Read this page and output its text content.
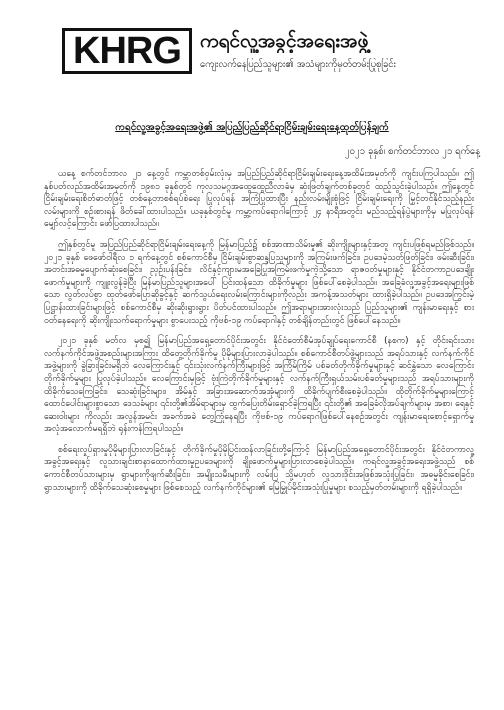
KHRG ကရင်လူ့အခွင့်အရေးအဖွဲ့
ကျေးလက်နေပြည်သူများ၏ အသံများကိုမှတ်တမ်းပြုစုခြင်း
ကရင်လူ့အခွင့်အရေးအဖွဲ့၏ အပြည်ပြည်ဆိုင်ရာငြိမ်းချမ်းရေးနေ့ထုတ်ပြန်ချက်
၂၀၂၁ ခုနှစ်၊ စက်တင်ဘာလ ၂၁ ရက်နေ့

ယနေ့ စက်တင်ဘာလ ၂၁ နေ့တွင် ကမ္ဘာတစ်ဝှမ်းလုံးမှ အပြည်ပြည်ဆိုင်ရာငြိမ်းချမ်းရေးနေ့အထိမ်းအမှတ်ကို ကျင်းပကြပါသည်။ ဤနှစ်ပတ်လည်အထိမ်းအမှတ်ကို ၁၉၈၁ ခုနှစ်တွင် ကုလသမဂ္ဂအထွေထွေညီလာခံမှ ဆုံးဖြတ်ချက်တစ်ခုတွင် ထည့်သွင်းခဲ့ပါသည်။ ဤနေ့တွင် ငြိမ်းချမ်းရေးစိတ်ဓာတ်ဖြင့် တစ်နေ့တာစစ်ရပ်စဲရေး ပြုလုပ်ရန် အကြံပြုထားပြီး နည်းလမ်းမျိုးစုံဖြင့် ငြိမ်းချမ်းရေးကို မြှင့်တင်နိုင်သည့်နည်းလမ်းများကို စဉ်းစားရန် ဖိတ်ခေါ်ထားပါသည်။ ယခုနှစ်တွင်မူ ကမ္ဘာ့ကပ်ရောဂါကြောင့် ၂၄ နာရီအတွင်း မည်သည့်ရန်ပွဲများကိုမှ မပြုလုပ်ရန် မျှော်လင့်ကြောင်း ဖော်ပြထားပါသည်။

ဤနှစ်တွင်မူ အပြည်ပြည်ဆိုင်ရာငြိမ်းချမ်းရေးနေ့ကို မြန်မာပြည်၌ စစ်အာဏာသိမ်းမှု၏ ဆိုးကျိုးများနှင့်အတူ ကျင်းပဖြစ်ရမည်ဖြစ်သည်။ ၂၀၂၁ ခုနှစ် ဖေဖော်ဝါရီလ ၁ ရက်နေ့တွင် စစ်ကောင်စီမှ ငြိမ်းချမ်းစွာဆန္ဒပြသူများကို အကြမ်းဖက်ခြင်း၊ ဥပဒေမဲ့သတ်ဖြတ်ခြင်း၊ ဖမ်းဆီးခြင်း၊ အတင်းအဓမ္မပျောက်ဆုံးစေခြင်း၊ ညှဉ်းပန်းခြင်း၊ လိင်နှင့်ကျားမအခြေပြုအကြမ်းဖက်မှုကဲ့သို့သော ရာဇဝတ်မှုများနှင့် နိုင်ငံတကာဥပဒေချိုးဖောက်မှုများကို ကျူးလွန်ခဲ့ပြီး မြန်မာပြည်သူများအပေါ် ပြင်းထန်သော ထိခိုက်မှုများ ဖြစ်ပေါ်စေခဲ့ပါသည်။ အခြေခံလူ့အခွင့်အရေးများဖြစ်သော လွတ်လပ်စွာ ထုတ်ဖော်ပြောဆိုခွင့်နှင့် ဆက်သွယ်ရေးလမ်းကြောင်းများကိုလည်း အကန့်အသတ်များ ထားရှိခဲ့ပါသည်။ ဥပဒေအကြွင်းမဲ့ ပြဋ္ဌာန်းထားခြင်းများဖြင့် စစ်ကောင်စီမှ ဆိုးဆိုးရွားရွား ပိတ်ပင်ထားပါသည်။ ဤအရာများအားလုံးသည် ပြည်သူများ၏ ကျန်းမာရေးနှင့် စားဝတ်နေရေးကို ဆိုးကျိုးသက်ရောက်မှုများ စွာပေးသည့် ကိုဗစ်-၁၉ ကပ်ရောဂါနှင့် တစ်ချိန်တည်းတွင် ဖြစ်ပေါ်နေသည်။

၂၀၂၁ ခုနှစ် မတ်လ မှစ၍ မြန်မာပြည်အရှေ့တောင်ပိုင်းအတွင်း နိုင်ငံတော်စီမံအုပ်ချုပ်ရေးကောင်စီ (နစက) နှင့် တိုင်းရင်းသား လက်နက်ကိုင်အဖွဲ့အစည်းများအကြား ထိတွေ့တိုက်ခိုက်မှု ပိုမိုများပြားလာခဲ့ပါသည်။ စစ်ကောင်စီတပ်ဖွဲ့များသည် အရပ်သားနှင့် လက်နက်ကိုင်အဖွဲ့များကို ခွဲခြားခြင်းမရှိဘဲ လေကြောင်းနှင့် ၎င်းသုံးလက်နက်ကြီးများဖြင့် အကြိမ်ကြိမ် ပစ်ခတ်တိုက်ခိုက်မှုများနှင့် ဆင်နွှဲသော လေကြောင်းတိုက်ခိုက်မှုများ ပြုလုပ်ခဲ့ပါသည်။ လေကြောင်းမှဖြင့် ဗုံးကြဲတိုက်ခိုက်မှုများနှင့် လက်နက်ကြီးရှယ်သမ်းပစ်ခတ်မှုများသည် အရပ်သားများကို ထိခိုက်သေကြေခြင်း၊ သေဆုံးခြင်းများ၊ အိမ်နှင့် အခြားအဆောက်အအုံများကို ထိခိုက်ပျက်စီးစေခဲ့ပါသည်။ ထိုတိုက်ခိုက်မှုများကြောင့် ထောင်ပေါင်းများစွာသော ဒေသခံများ ၎င်းတို့၏အိမ်ရာများမှ ထွက်ပြေးတိမ်းရှောင်ခဲ့ကြရပြီး ၎င်းတို့၏ အခြေခံလိုအပ်ချက်များမှ အစာ၊ ရေနှင့် ဆေးဝါးများ ကိုလည်း အလွန်အမင်း အခက်အခဲ တွေ့ကြုံနေရပြီး ကိုဗစ်-၁၉ ကပ်ရောဂါဖြစ်ပေါ်နေစဉ်အတွင်း ကျန်းမာရေးစောင့်ရှောက်မှု အလုံအလောက်မရရှိဘဲ ရုန်းကန်ကြရပါသည်။

စစ်ရေးလှုပ်ရှားမှုပိုမိုများပြားလာခြင်းနှင့် တိုက်ခိုက်မှုပိုမိုပြင်းထန်လာခြင်းတို့ကြောင့် မြန်မာပြည်အရှေ့တောင်ပိုင်းအတွင်း နိုင်ငံတကာလူ့အခွင့်အရေးနှင့် လူသားချင်းစာနာထောက်ထားမှုဥပဒေများကို ချိုးဖောက်မှုများပြားလာစေခဲ့ပါသည်။ ကရင်လူ့အခွင့်အရေးအဖွဲ့သည် စစ်ကောင်စီတပ်သားများမှ ရွာများကိုဖျက်ဆီးခြင်း၊ အမျိုးသမီးများကို လမ်းပြ သို့မဟုတ် လူသားဒိုင်းအဖြစ်အသုံးပြုခြင်း၊ အဓမ္မခိုင်းစေခြင်း၊ ရွာသားများကို ထိခိုက်သေဆုံးစေမှုများ ဖြစ်စေသည့် လက်နက်ကိုင်များ၏ မြေမြှုပ်မိုင်းအသုံးပြုမှုများ စသည့်မှတ်တမ်းများကို ရရှိခဲ့ပါသည်။
